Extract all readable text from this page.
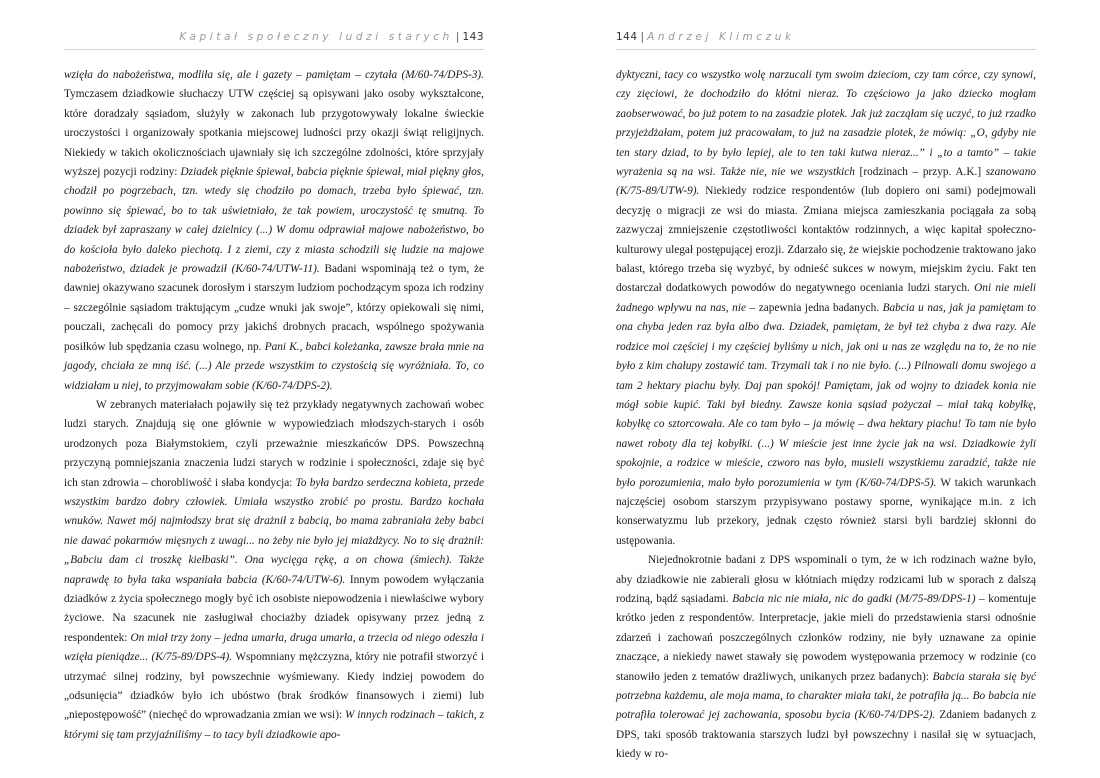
Kapitał społeczny ludzi starych | 143

wzięła do nabożeństwa, modliła się, ale i gazety – pamiętam – czytała (M/60-74/DPS-3). Tymczasem dziadkowie słuchaczy UTW częściej są opisywani jako osoby wykształcone, które doradzały sąsiadom, służyły w zakonach lub przygotowywały lokalne świeckie uroczystości i organizowały spotkania miejscowej ludności przy okazji świąt religijnych. Niekiedy w takich okolicznościach ujawniały się ich szczególne zdolności, które sprzyjały wyższej pozycji rodziny: Dziadek pięknie śpiewał, babcia pięknie śpiewał, miał piękny głos, chodził po pogrzebach, tzn. wtedy się chodziło po domach, trzeba było śpiewać, tzn. powinno się śpiewać, bo to tak uświetniało, że tak powiem, uroczystość tę smutną. To dziadek był zapraszany w całej dzielnicy (...) W domu odprawiał majowe nabożeństwo, bo do kościoła było daleko piechotą. I z ziemi, czy z miasta schodzili się ludzie na majowe nabożeństwo, dziadek je prowadził (K/60-74/UTW-11). Badani wspominają też o tym, że dawniej okazywano szacunek dorosłym i starszym ludziom pochodzącym spoza ich rodziny – szczególnie sąsiadom traktującym „cudze wnuki jak swoje”, którzy opiekowali się nimi, pouczali, zachęcali do pomocy przy jakichś drobnych pracach, wspólnego spożywania posiłków lub spędzania czasu wolnego, np. Pani K., babci koleżanka, zawsze brała mnie na jagody, chciała ze mną iść. (...) Ale przede wszystkim to czystością się wyróżniała. To, co widziałam u niej, to przyjmowałam sobie (K/60-74/DPS-2).

W zebranych materiałach pojawiły się też przykłady negatywnych zachowań wobec ludzi starych. Znajdują się one głównie w wypowiedziach młodszych-starych i osób urodzonych poza Białymstokiem, czyli przeważnie mieszkańców DPS. Powszechną przyczyną pomniejszania znaczenia ludzi starych w rodzinie i społeczności, zdaje się być ich stan zdrowia – chorobliwość i słaba kondycja: To była bardzo serdeczna kobieta, przede wszystkim bardzo dobry człowiek. Umiała wszystko zrobić po prostu. Bardzo kochała wnuków. Nawet mój najmłodszy brat się drażnił z babcią, bo mama zabraniała żeby babci nie dawać pokarmów mięsnych z uwagi... no żeby nie było jej miażdżycy. No to się drażnił: „Babciu dam ci troszkę kiełbaski”. Ona wycięga rękę, a on chowa (śmiech). Także naprawdę to była taka wspaniała babcia (K/60-74/UTW-6). Innym powodem wyłączania dziadków z życia społecznego mogły być ich osobiste niepowodzenia i niewłaściwe wybory życiowe. Na szacunek nie zasługiwał chociażby dziadek opisywany przez jedną z respondentek: On miał trzy żony – jedna umarła, druga umarła, a trzecia od niego odeszła i wzięła pieniądze... (K/75-89/DPS-4). Wspomniany mężczyzna, który nie potrafił stworzyć i utrzymać silnej rodziny, był powszechnie wyśmiewany. Kiedy indziej powodem do „odsunięcia” dziadków było ich ubóstwo (brak środków finansowych i ziemi) lub „niepostępowość” (niechęć do wprowadzania zmian we wsi): W innych rodzinach – takich, z którymi się tam przyjaźniliśmy – to tacy byli dziadkowie apo-

144 | Andrzej Klimczuk

dyktyczni, tacy co wszystko wolę narzucali tym swoim dzieciom, czy tam córce, czy synowi, czy zięciowi, że dochodziło do kłótni nieraz. To częściowo ja jako dziecko mogłam zaobserwować, bo już potem to na zasadzie plotek. Jak już zacząłam się uczyć, to już rzadko przyjeżdżałam, potem już pracowałam, to już na zasadzie plotek, że mówią: „O, gdyby nie ten stary dziad, to by było lepiej, ale to ten taki kutwa nieraz...” i „to a tamto” – takie wyrażenia są na wsi. Także nie, nie we wszystkich [rodzinach – przyp. A.K.] szanowano (K/75-89/UTW-9). Niekiedy rodzice respondentów (lub dopiero oni sami) podejmowali decyzję o migracji ze wsi do miasta. Zmiana miejsca zamieszkania pociągała za sobą zazwyczaj zmniejszenie częstotliwości kontaktów rodzinnych, a więc kapitał społeczno-kulturowy ulegał postępującej erozji. Zdarzało się, że wiejskie pochodzenie traktowano jako balast, którego trzeba się wyzbyć, by odnieść sukces w nowym, miejskim życiu. Fakt ten dostarczał dodatkowych powodów do negatywnego oceniania ludzi starych. Oni nie mieli żadnego wpływu na nas, nie – zapewnia jedna badanych. Babcia u nas, jak ja pamiętam to ona chyba jeden raz była albo dwa. Dziadek, pamiętam, że był też chyba z dwa razy. Ale rodzice moi częściej i my częściej byliśmy u nich, jak oni u nas ze względu na to, że no nie było z kim chałupy zostawić tam. Trzymali tak i no nie było. (...) Pilnowali domu swojego a tam 2 hektary piachu były. Daj pan spokój! Pamiętam, jak od wojny to dziadek konia nie mógł sobie kupić. Taki był biedny. Zawsze konia sąsiad pożyczał – miał taką kobyłkę, kobyłkę co sztorcowała. Ale co tam było – ja mówię – dwa hektary piachu! To tam nie było nawet roboty dla tej kobyłki. (...) W mieście jest inne życie jak na wsi. Dziadkowie żyli spokojnie, a rodzice w mieście, czworo nas było, musieli wszystkiemu zaradzić, także nie było porozumienia, mało było porozumienia w tym (K/60-74/DPS-5). W takich warunkach najczęściej osobom starszym przypisywano postawy sporne, wynikające m.in. z ich konserwatyzmu lub przekory, jednak często również starsi byli bardziej skłonni do ustępowania.

Niejednokrotnie badani z DPS wspominali o tym, że w ich rodzinach ważne było, aby dziadkowie nie zabierali głosu w kłótniach między rodzicami lub w sporach z dalszą rodziną, bądź sąsiadami. Babcia nic nie miała, nic do gadki (M/75-89/DPS-1) – komentuje krótko jeden z respondentów. Interpretacje, jakie mieli do przedstawienia starsi odnośnie zdarzeń i zachowań poszczególnych członków rodziny, nie były uznawane za opinie znaczące, a niekiedy nawet stawały się powodem występowania przemocy w rodzinie (co stanowiło jeden z tematów drażliwych, unikanych przez badanych): Babcia starała się być potrzebna każdemu, ale moja mama, to charakter miała taki, że potrafiła ją... Bo babcia nie potrafiła tolerować jej zachowania, sposobu bycia (K/60-74/DPS-2). Zdaniem badanych z DPS, taki sposób traktowania starszych ludzi był powszechny i nasilał się w sytuacjach, kiedy w ro-
